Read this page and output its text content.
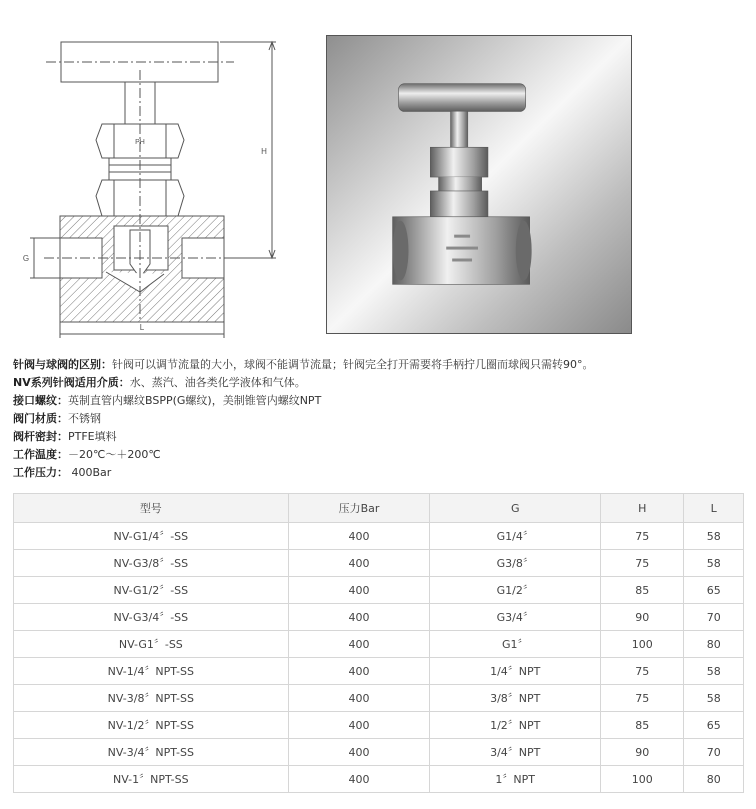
PH
H
G
L
针阀与球阀的区别：针阀可以调节流量的大小，球阀不能调节流量；针阀完全打开需要将手柄拧几圈而球阀只需转90°。
NV系列针阀适用介质：水、蒸汽、油各类化学液体和气体。
接口螺纹：英制直管内螺纹BSPP(G螺纹)，美制锥管内螺纹NPT
阀门材质：不锈钢
阀杆密封：PTFE填料
工作温度：－20℃～＋200℃
工作压力： 400Bar
型号	压力Bar	G	H	L
NV-G1/4〞-SS	400	G1/4〞	75	58
NV-G3/8〞-SS	400	G3/8〞	75	58
NV-G1/2〞-SS	400	G1/2〞	85	65
NV-G3/4〞-SS	400	G3/4〞	90	70
NV-G1〞-SS	400	G1〞	100	80
NV-1/4〞NPT-SS	400	1/4〞NPT	75	58
NV-3/8〞NPT-SS	400	3/8〞NPT	75	58
NV-1/2〞NPT-SS	400	1/2〞NPT	85	65
NV-3/4〞NPT-SS	400	3/4〞NPT	90	70
NV-1〞NPT-SS	400	1〞NPT	100	80
